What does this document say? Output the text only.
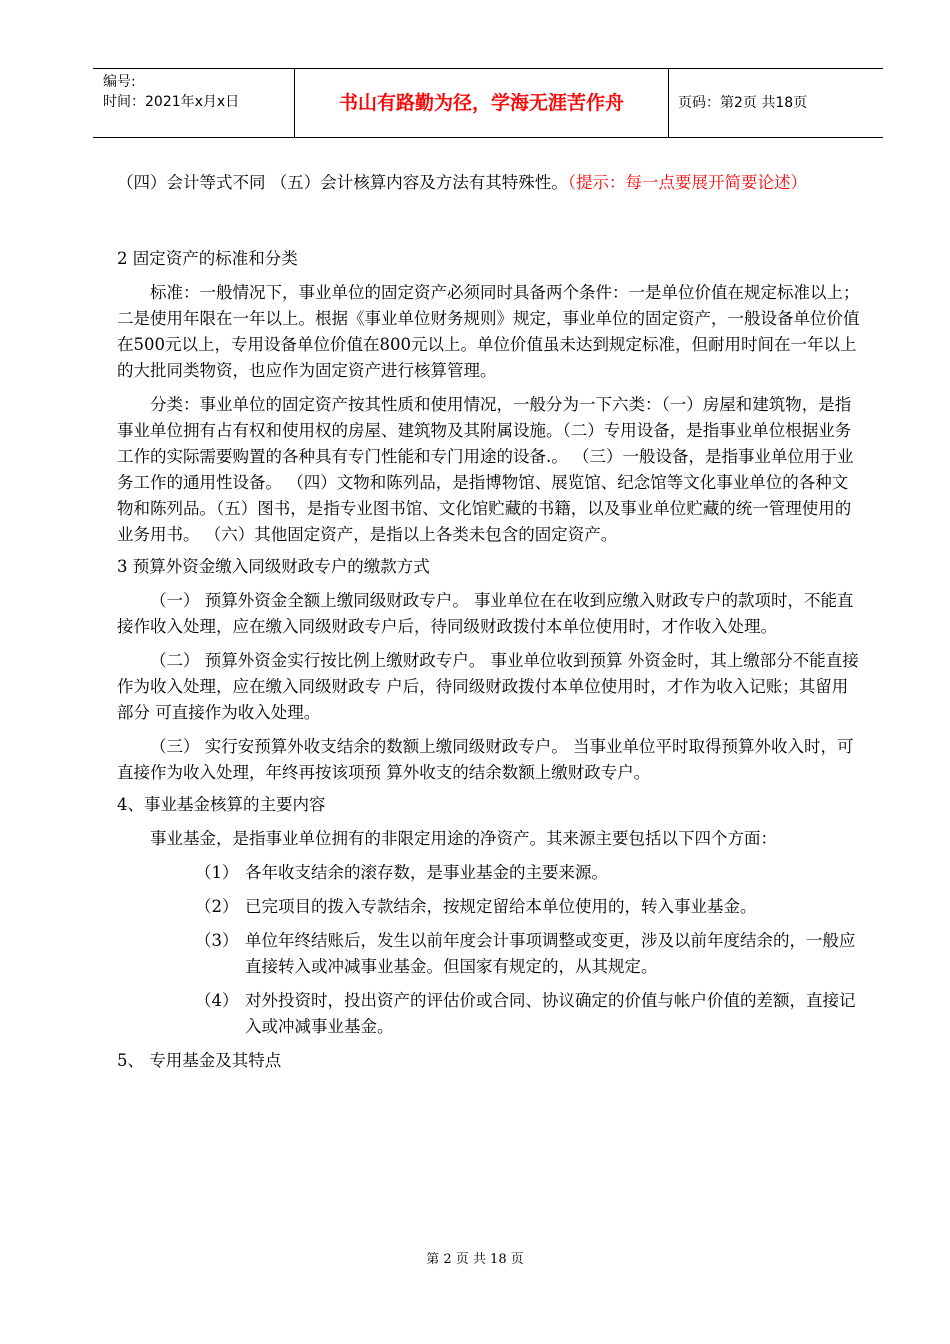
编号:
时间：2021年x月x日	书山有路勤为径，学海无涯苦作舟	页码：第2页 共18页

（四）会计等式不同 （五）会计核算内容及方法有其特殊性。（提示：每一点要展开简要论述）

2 固定资产的标准和分类

标准：一般情况下，事业单位的固定资产必须同时具备两个条件：一是单位价值在规定标准以上；二是使用年限在一年以上。根据《事业单位财务规则》规定，事业单位的固定资产，一般设备单位价值在500元以上，专用设备单位价值在800元以上。单位价值虽未达到规定标准，但耐用时间在一年以上的大批同类物资，也应作为固定资产进行核算管理。

分类：事业单位的固定资产按其性质和使用情况，一般分为一下六类：（一）房屋和建筑物，是指事业单位拥有占有权和使用权的房屋、建筑物及其附属设施。（二）专用设备，是指事业单位根据业务工作的实际需要购置的各种具有专门性能和专门用途的设备.。 （三）一般设备，是指事业单位用于业务工作的通用性设备。 （四）文物和陈列品，是指博物馆、展览馆、纪念馆等文化事业单位的各种文物和陈列品。（五）图书，是指专业图书馆、文化馆贮藏的书籍，以及事业单位贮藏的统一管理使用的业务用书。 （六）其他固定资产，是指以上各类未包含的固定资产。

3 预算外资金缴入同级财政专户的缴款方式

（一） 预算外资金全额上缴同级财政专户。 事业单位在在收到应缴入财政专户的款项时，不能直接作收入处理，应在缴入同级财政专户后，待同级财政拨付本单位使用时，才作收入处理。

（二） 预算外资金实行按比例上缴财政专户。 事业单位收到预算 外资金时，其上缴部分不能直接作为收入处理，应在缴入同级财政专 户后，待同级财政拨付本单位使用时，才作为收入记账；其留用部分 可直接作为收入处理。

（三） 实行安预算外收支结余的数额上缴同级财政专户。 当事业单位平时取得预算外收入时，可直接作为收入处理，年终再按该项预 算外收支的结余数额上缴财政专户。

4、事业基金核算的主要内容

事业基金，是指事业单位拥有的非限定用途的净资产。其来源主要包括以下四个方面：

（1） 各年收支结余的滚存数，是事业基金的主要来源。
（2） 已完项目的拨入专款结余，按规定留给本单位使用的，转入事业基金。
（3） 单位年终结账后，发生以前年度会计事项调整或变更，涉及以前年度结余的，一般应直接转入或冲减事业基金。但国家有规定的，从其规定。
（4） 对外投资时，投出资产的评估价或合同、协议确定的价值与帐户价值的差额，直接记入或冲减事业基金。

5、 专用基金及其特点

第 2 页 共 18 页
